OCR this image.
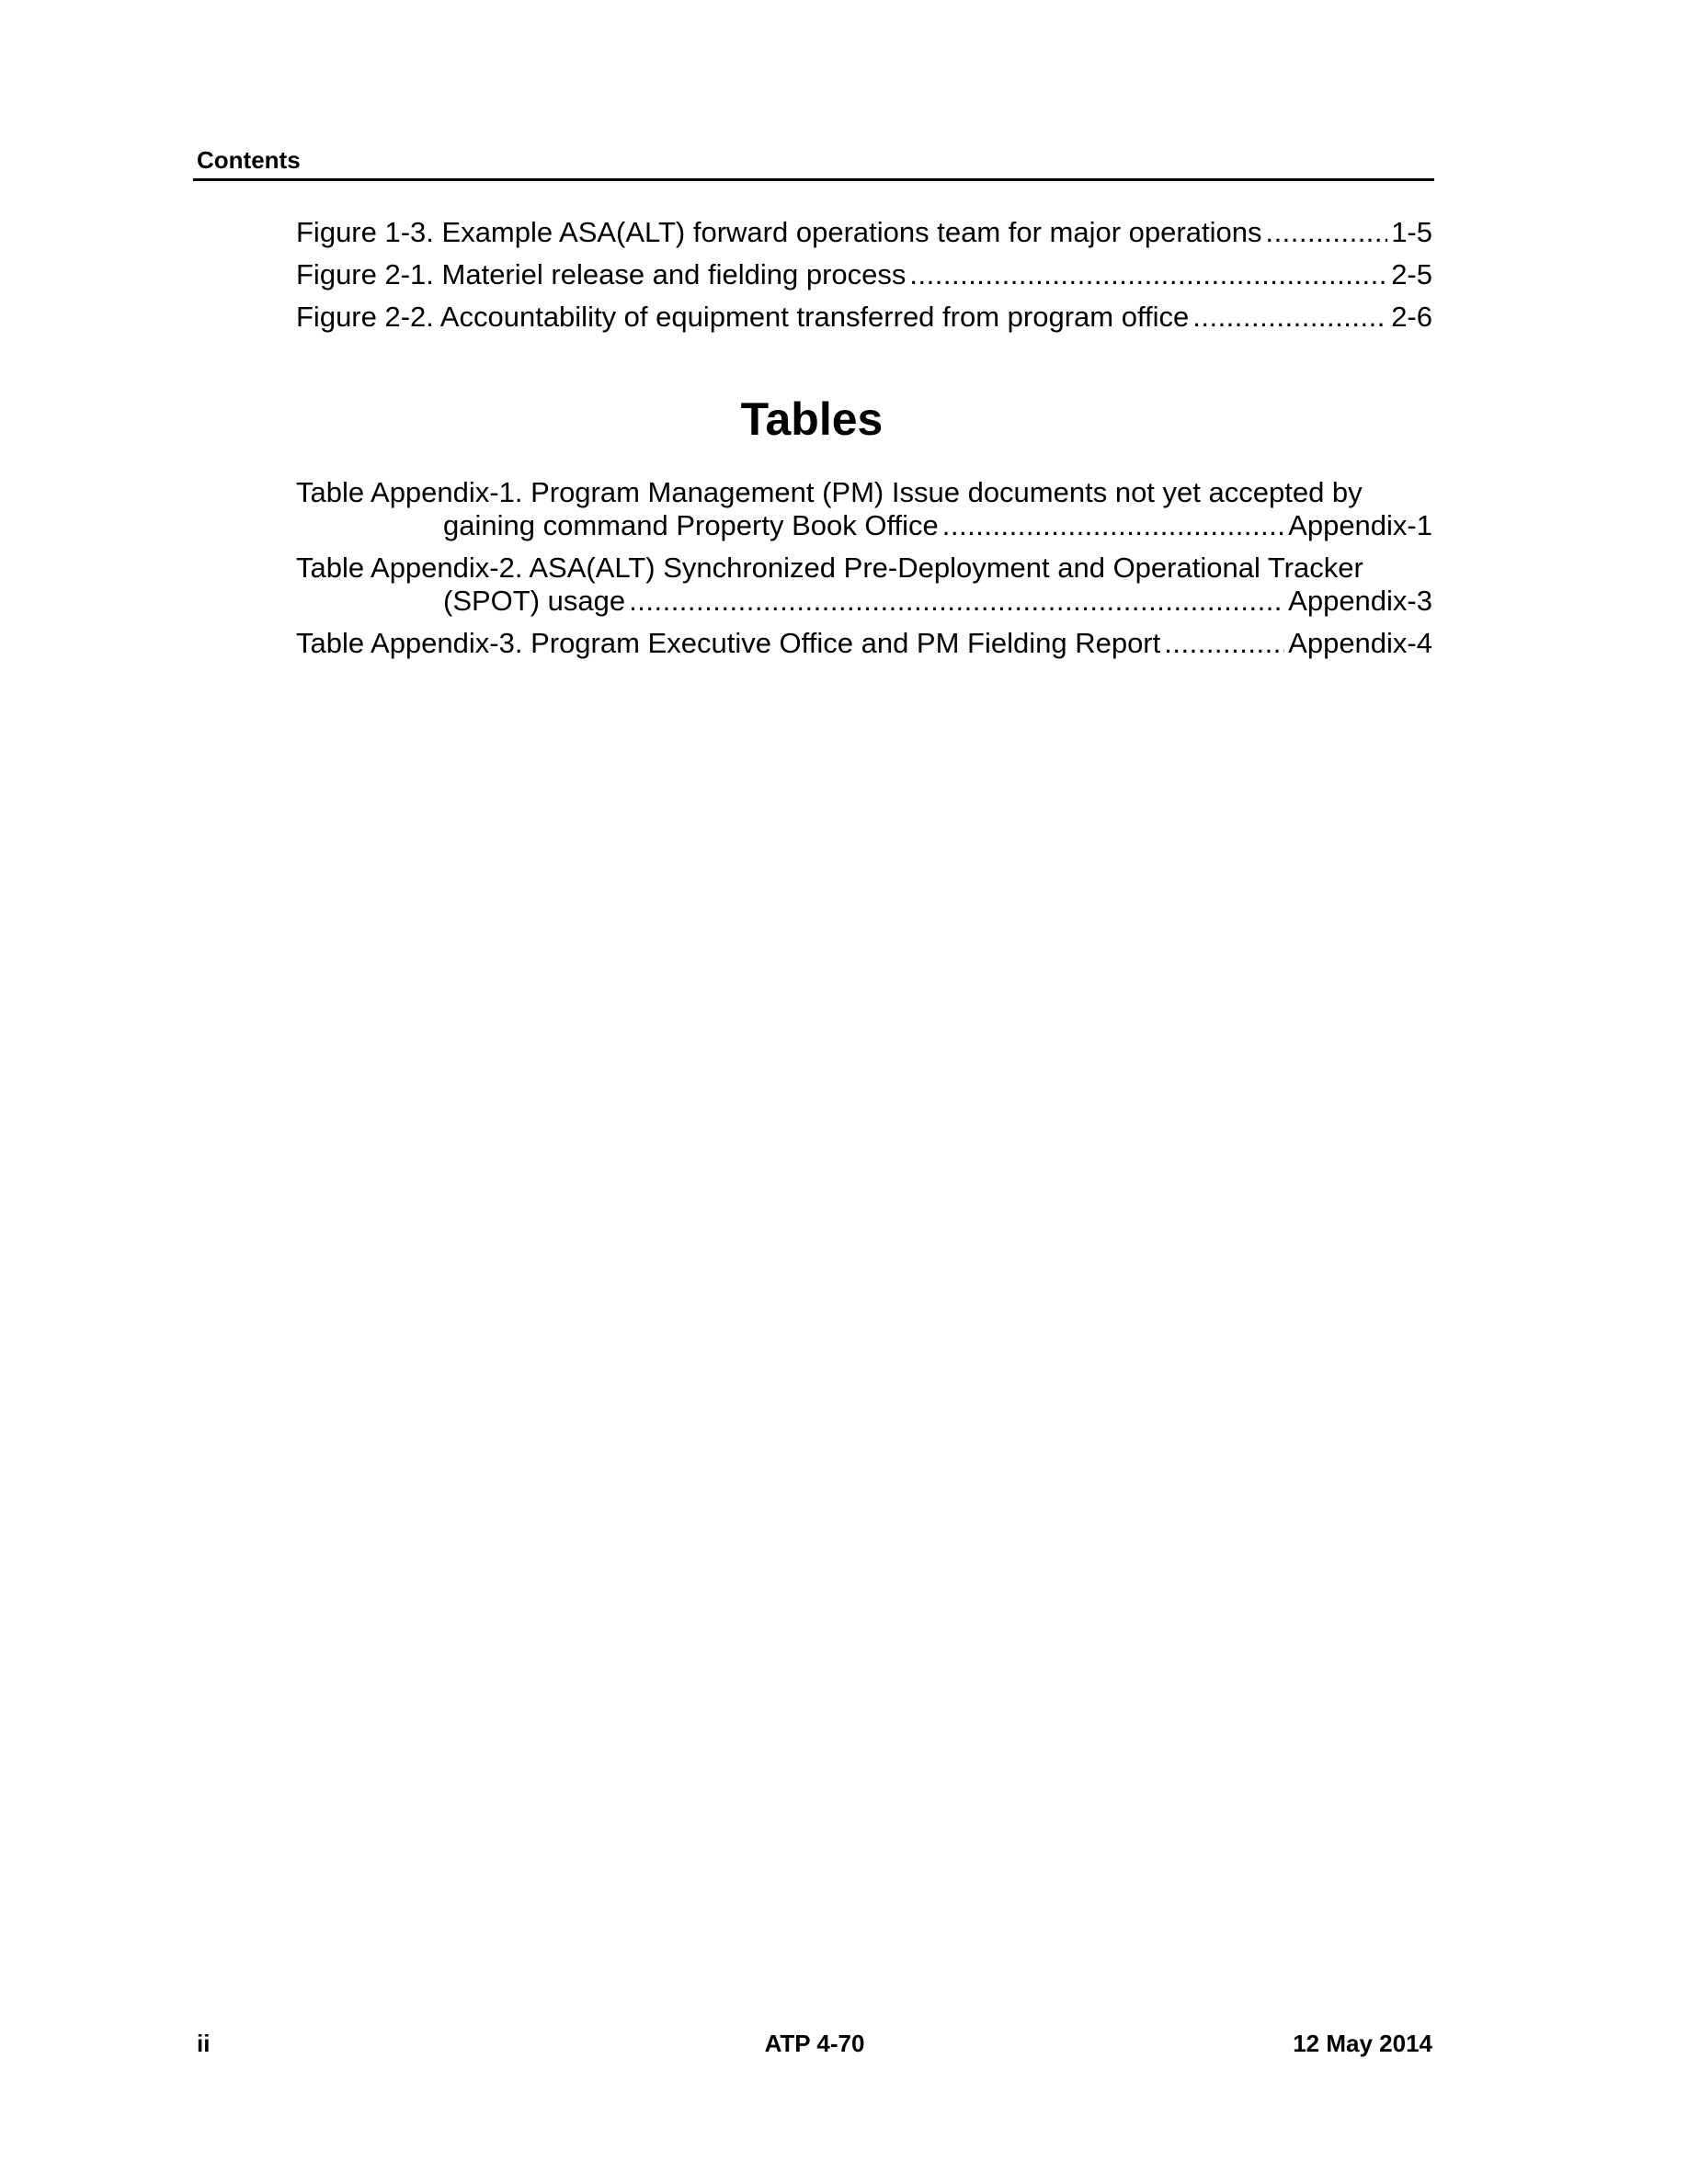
Contents
Figure 1-3. Example ASA(ALT) forward operations team for major operations .....	1-5
Figure 2-1. Materiel release and fielding process .....	2-5
Figure 2-2. Accountability of equipment transferred from program office .....	2-6
Tables
Table Appendix-1. Program Management (PM) Issue documents not yet accepted by
gaining command Property Book Office .....	Appendix-1
Table Appendix-2. ASA(ALT) Synchronized Pre-Deployment and Operational Tracker
(SPOT) usage .....	Appendix-3
Table Appendix-3. Program Executive Office and PM Fielding Report .....	Appendix-4
ii	ATP 4-70	12 May 2014
